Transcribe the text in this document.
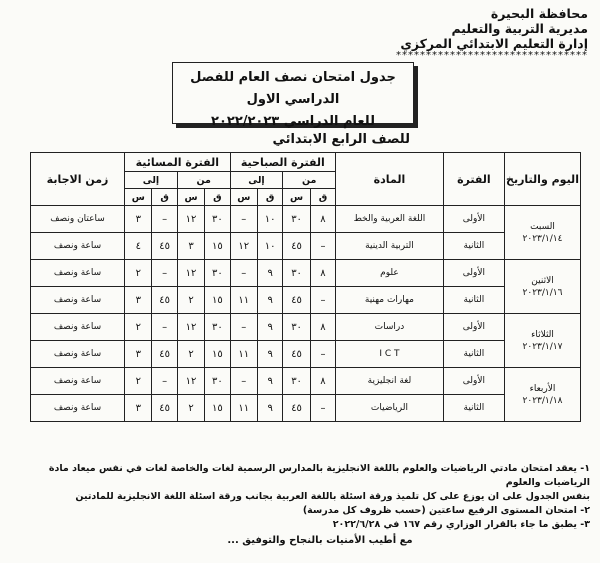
محافظة البحيرة
مديرية التربية والتعليم
إدارة التعليم الابتدائي المركزي
********************************
جدول امتحان نصف العام للفصل الدراسي الاول
للعام الدراسي ٢٠٢٢/٢٠٢٣
للصف الرابع الابتدائي
اليوم والتاريخ	الفترة	المادة	الفترة الصباحية				الفترة المسائية				زمن الاجابة
			من		إلى		من		إلى		
			ق	س	ق	س	ق	س	ق	س	

السبت
٢٠٢٣/١/١٤	الأولى	اللغة العربية والخط	٨	٣٠	١٠	–	٣٠	١٢	–	٣	ساعتان ونصف
	الثانية	التربية الدينية	–	٤٥	١٠	١٢	١٥	٣	٤٥	٤	ساعة ونصف

الاثنين
٢٠٢٣/١/١٦	الأولى	علوم	٨	٣٠	٩	–	٣٠	١٢	–	٢	ساعة ونصف
	الثانية	مهارات مهنية	–	٤٥	٩	١١	١٥	٢	٤٥	٣	ساعة ونصف

الثلاثاء
٢٠٢٣/١/١٧	الأولى	دراسات	٨	٣٠	٩	–	٣٠	١٢	–	٢	ساعة ونصف
	الثانية	I C T	–	٤٥	٩	١١	١٥	٢	٤٥	٣	ساعة ونصف

الأربعاء
٢٠٢٣/١/١٨	الأولى	لغة انجليزية	٨	٣٠	٩	–	٣٠	١٢	–	٢	ساعة ونصف
	الثانية	الرياضيات	–	٤٥	٩	١١	١٥	٢	٤٥	٣	ساعة ونصف
١- يعقد امتحان مادتي الرياضيات والعلوم باللغة الانجليزية بالمدارس الرسمية لغات والخاصة لغات في نفس ميعاد مادة الرياضيات والعلوم
بنفس الجدول على ان يوزع على كل تلميذ ورقة اسئلة باللغة العربية بجانب ورقة اسئلة اللغة الانجليزية للمادتين
٢- امتحان المستوى الرفيع ساعتين (حسب ظروف كل مدرسة)
٣- يطبق ما جاء بالقرار الوزاري رقم ١٦٧ في ٢٠٢٢/٦/٢٨
مع أطيب الأمنيات بالنجاح والتوفيق ...
